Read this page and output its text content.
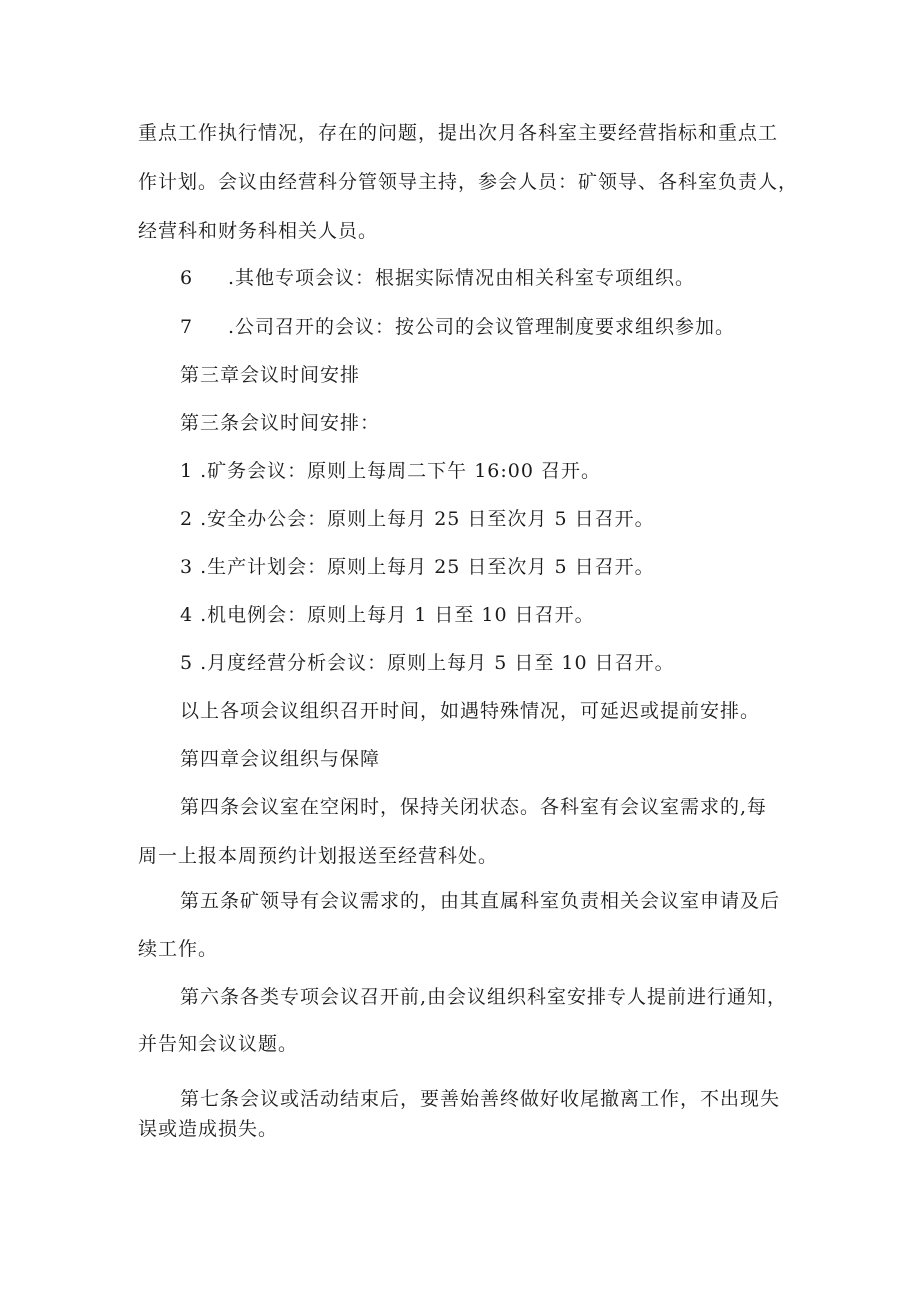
重点工作执行情况，存在的问题，提出次月各科室主要经营指标和重点工
作计划。会议由经营科分管领导主持，参会人员：矿领导、各科室负责人，
经营科和财务科相关人员。
6 .其他专项会议：根据实际情况由相关科室专项组织。
7 .公司召开的会议：按公司的会议管理制度要求组织参加。
第三章会议时间安排
第三条会议时间安排：
1 .矿务会议：原则上每周二下午 16:00 召开。
2 .安全办公会：原则上每月 25 日至次月 5 日召开。
3 .生产计划会：原则上每月 25 日至次月 5 日召开。
4 .机电例会：原则上每月 1 日至 10 日召开。
5 .月度经营分析会议：原则上每月 5 日至 10 日召开。
以上各项会议组织召开时间，如遇特殊情况，可延迟或提前安排。
第四章会议组织与保障
第四条会议室在空闲时，保持关闭状态。各科室有会议室需求的,每
周一上报本周预约计划报送至经营科处。
第五条矿领导有会议需求的，由其直属科室负责相关会议室申请及后
续工作。
第六条各类专项会议召开前,由会议组织科室安排专人提前进行通知，
并告知会议议题。
第七条会议或活动结束后，要善始善终做好收尾撤离工作，不出现失
误或造成损失。
